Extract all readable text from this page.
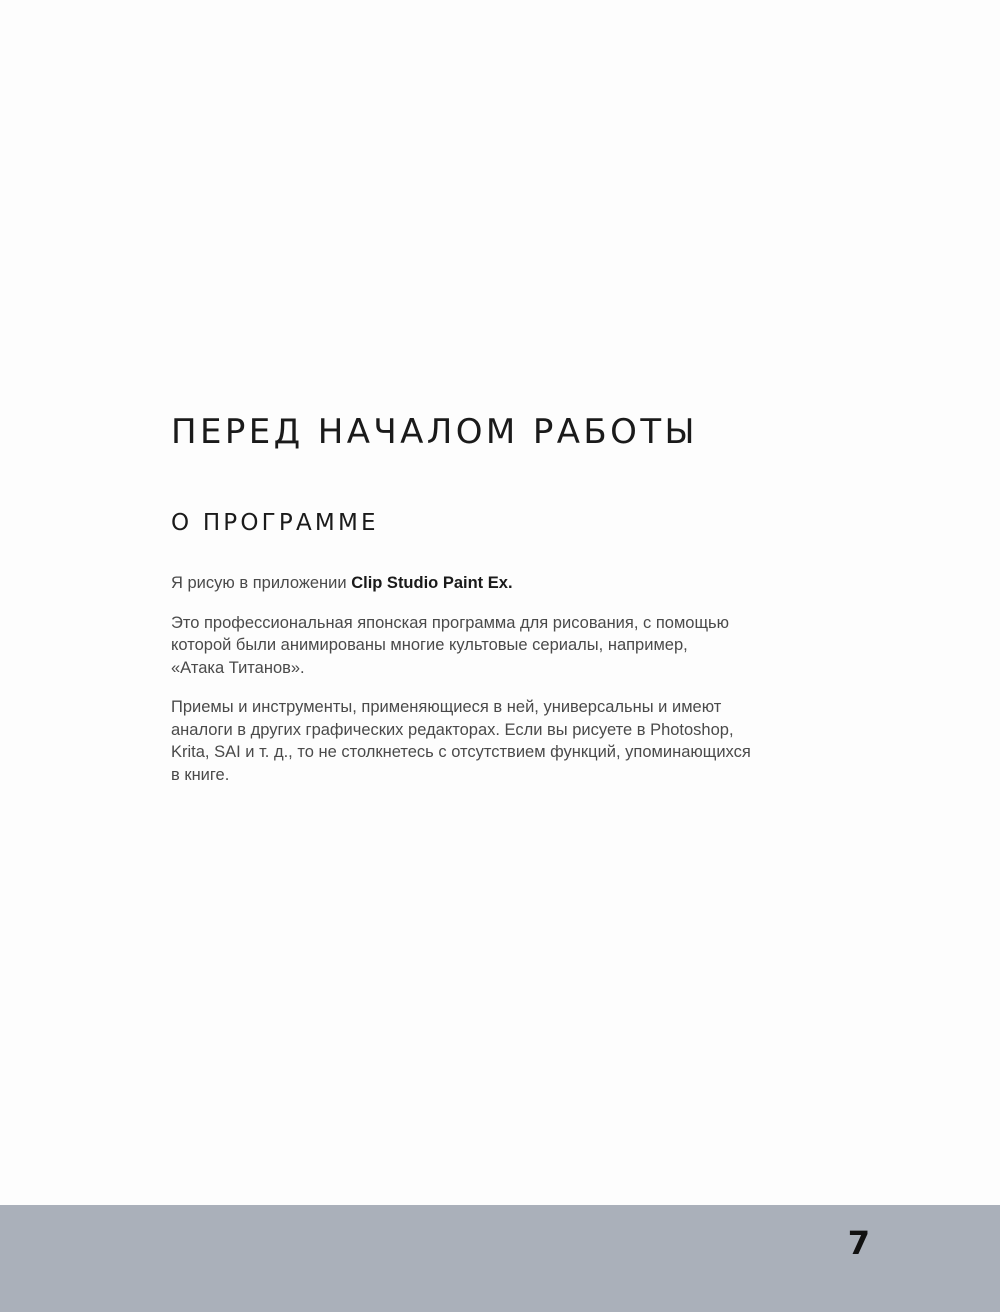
ПЕРЕД НАЧАЛОМ РАБОТЫ
О ПРОГРАММЕ

Я рисую в приложении Clip Studio Paint Ex.

Это профессиональная японская программа для рисования, с помощью
которой были анимированы многие культовые сериалы, например,
«Атака Титанов».

Приемы и инструменты, применяющиеся в ней, универсальны и имеют
аналоги в других графических редакторах. Если вы рисуете в Photoshop,
Krita, SAI и т. д., то не столкнетесь с отсутствием функций, упоминающихся
в книге.

7
